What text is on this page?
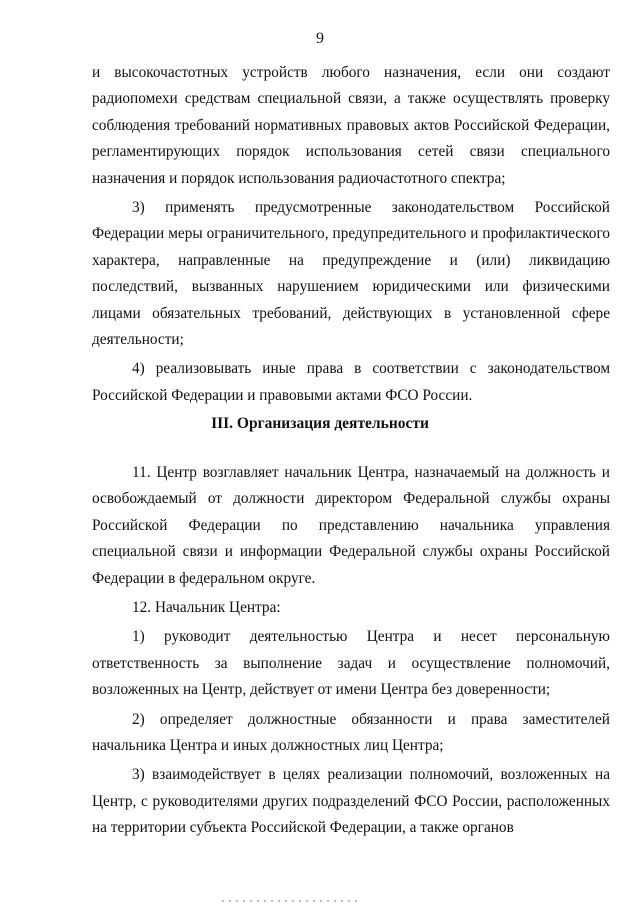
9

и высокочастотных устройств любого назначения, если они создают радиопомехи средствам специальной связи, а также осуществлять проверку соблюдения требований нормативных правовых актов Российской Федерации, регламентирующих порядок использования сетей связи специального назначения и порядок использования радиочастотного спектра;

3) применять предусмотренные законодательством Российской Федерации меры ограничительного, предупредительного и профилактического характера, направленные на предупреждение и (или) ликвидацию последствий, вызванных нарушением юридическими или физическими лицами обязательных требований, действующих в установленной сфере деятельности;

4) реализовывать иные права в соответствии с законодательством Российской Федерации и правовыми актами ФСО России.

III. Организация деятельности

11. Центр возглавляет начальник Центра, назначаемый на должность и освобождаемый от должности директором Федеральной службы охраны Российской Федерации по представлению начальника управления специальной связи и информации Федеральной службы охраны Российской Федерации в федеральном округе.

12. Начальник Центра:

1) руководит деятельностью Центра и несет персональную ответственность за выполнение задач и осуществление полномочий, возложенных на Центр, действует от имени Центра без доверенности;

2) определяет должностные обязанности и права заместителей начальника Центра и иных должностных лиц Центра;

3) взаимодействует в целях реализации полномочий, возложенных на Центр, с руководителями других подразделений ФСО России, расположенных на территории субъекта Российской Федерации, а также органов
